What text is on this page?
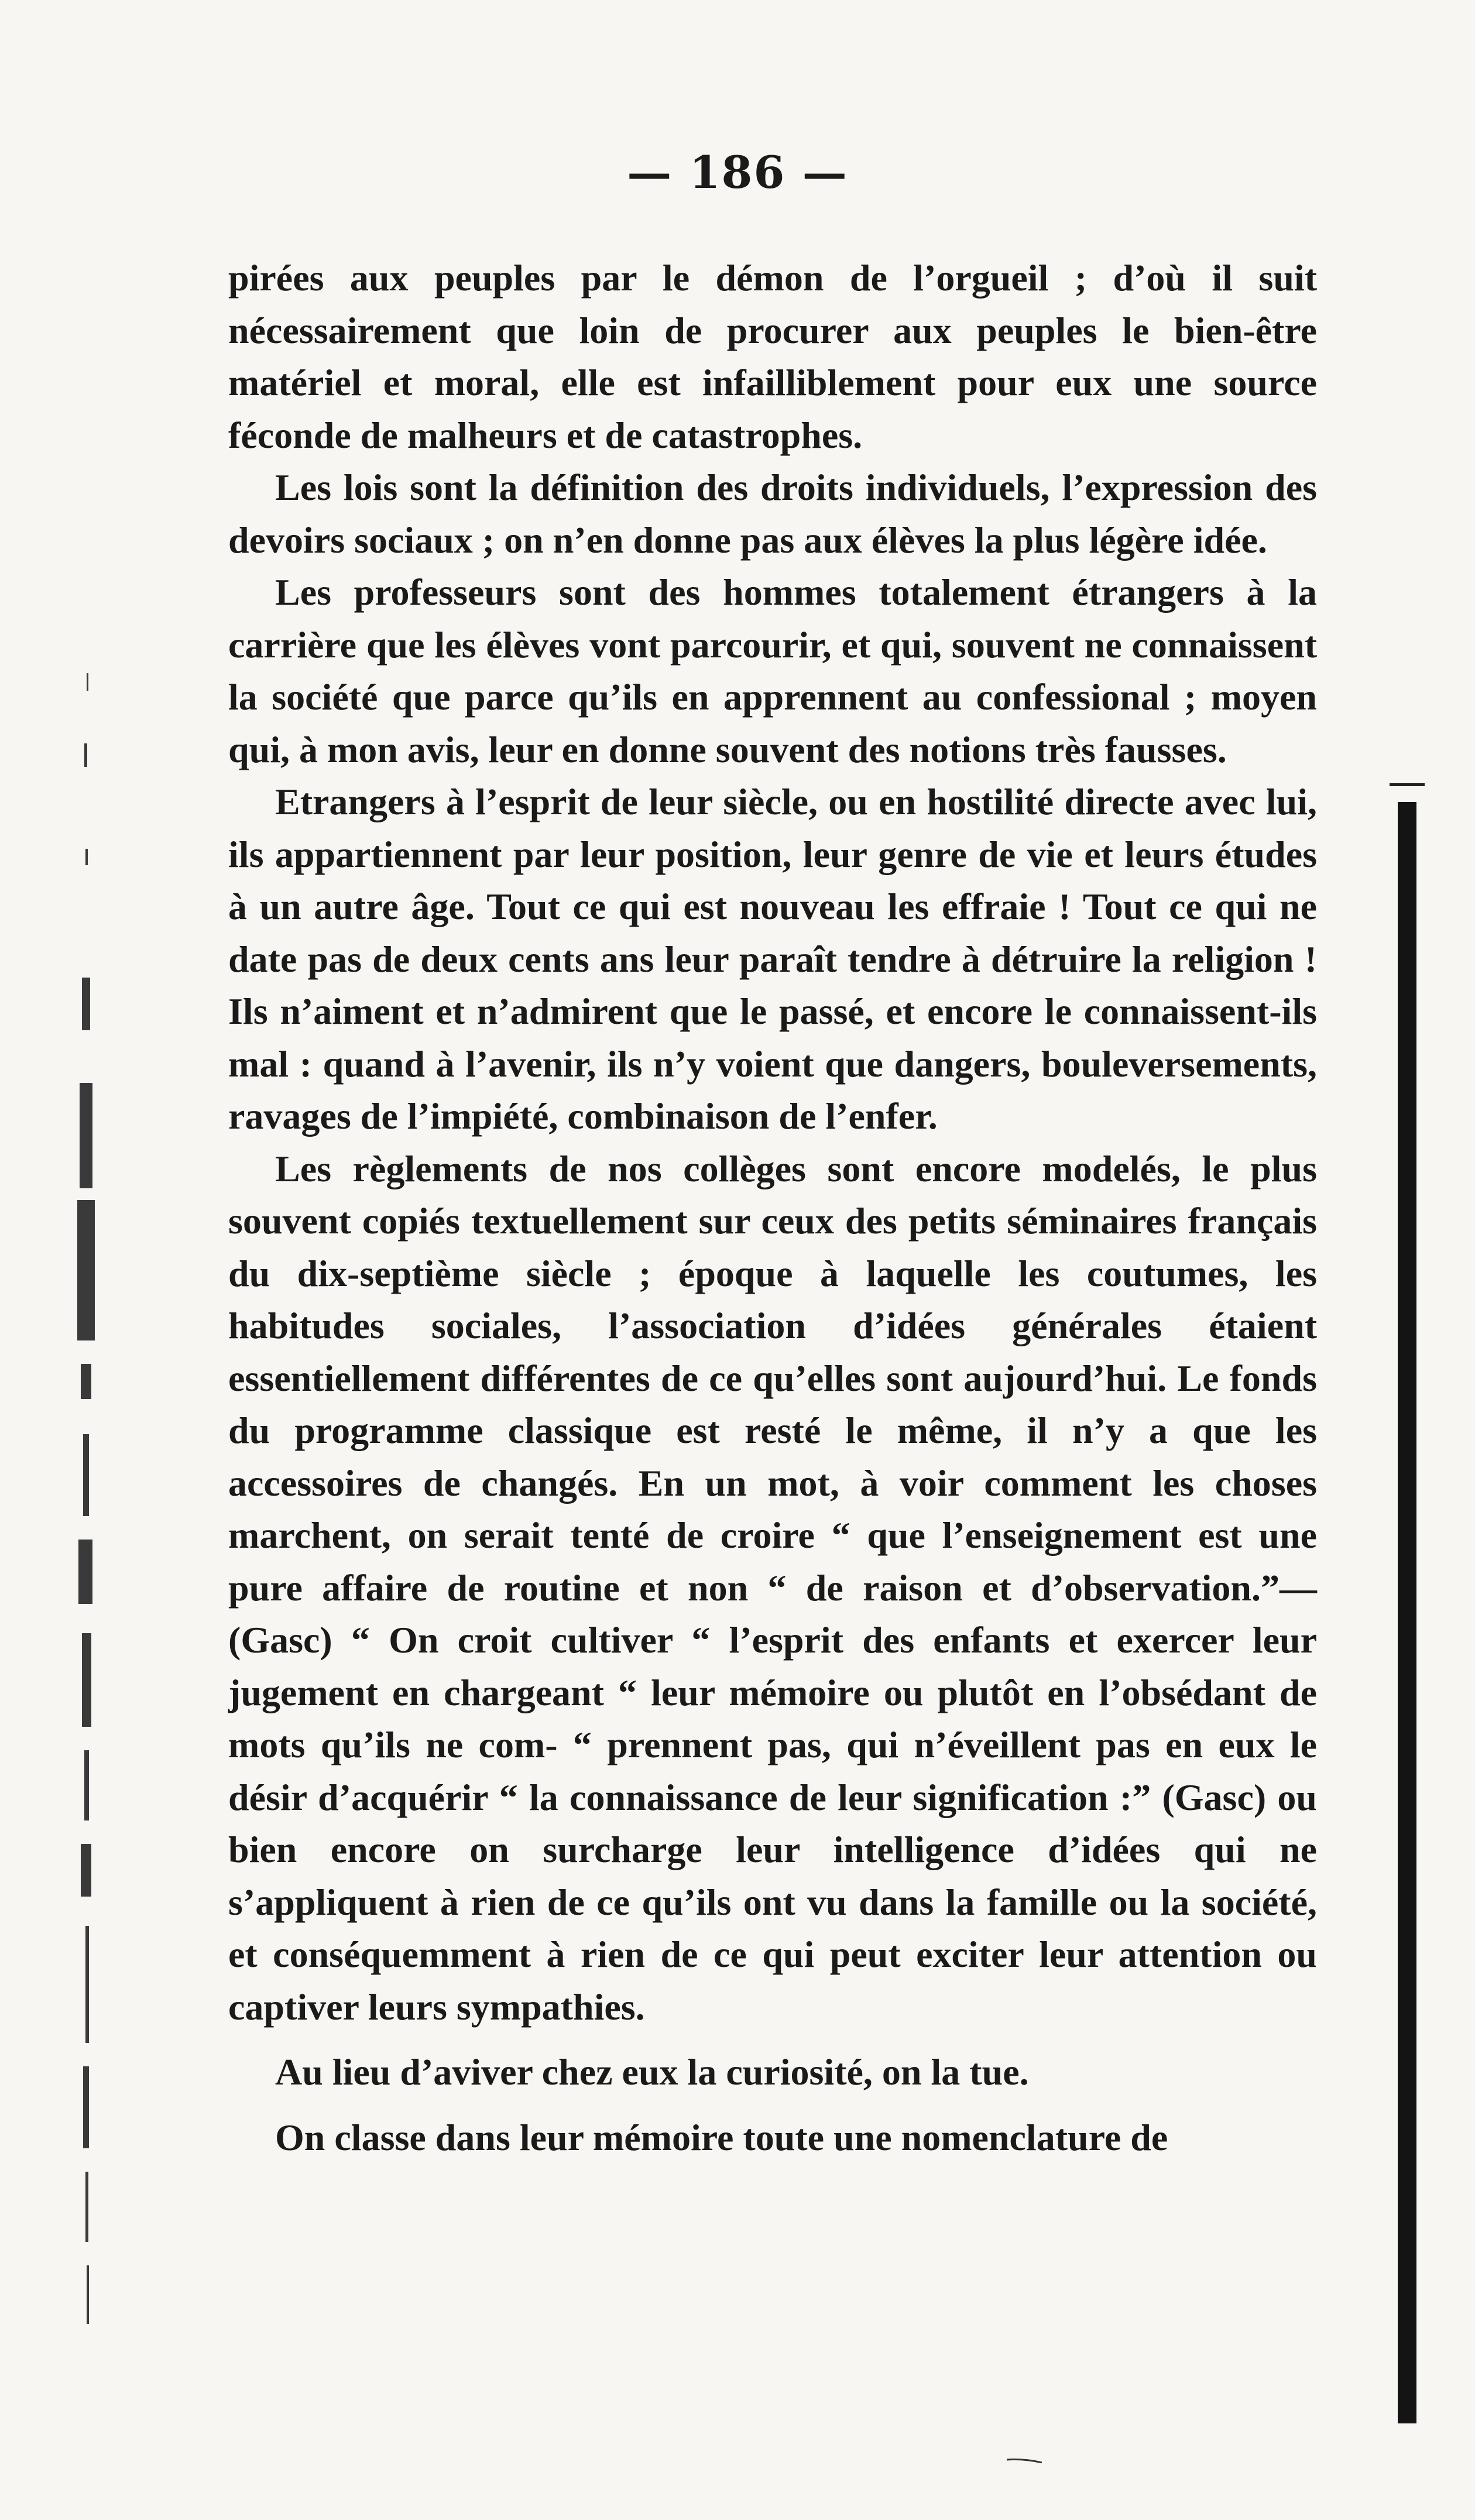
— 186 —

pirées aux peuples par le démon de l’orgueil ; d’où il suit nécessairement que loin de procurer aux peuples le bien-être matériel et moral, elle est infailliblement pour eux une source féconde de malheurs et de catastrophes.

Les lois sont la définition des droits individuels, l’expression des devoirs sociaux ; on n’en donne pas aux élèves la plus légère idée.

Les professeurs sont des hommes totalement étrangers à la carrière que les élèves vont parcourir, et qui, souvent ne connaissent la société que parce qu’ils en apprennent au confessional ; moyen qui, à mon avis, leur en donne souvent des notions très fausses.

Etrangers à l’esprit de leur siècle, ou en hostilité directe avec lui, ils appartiennent par leur position, leur genre de vie et leurs études à un autre âge. Tout ce qui est nouveau les effraie ! Tout ce qui ne date pas de deux cents ans leur paraît tendre à détruire la religion ! Ils n’aiment et n’admirent que le passé, et encore le connaissent-ils mal : quand à l’avenir, ils n’y voient que dangers, bouleversements, ravages de l’impiété, combinaison de l’enfer.

Les règlements de nos collèges sont encore modelés, le plus souvent copiés textuellement sur ceux des petits séminaires français du dix-septième siècle ; époque à laquelle les coutumes, les habitudes sociales, l’association d’idées générales étaient essentiellement différentes de ce qu’elles sont aujourd’hui. Le fonds du programme classique est resté le même, il n’y a que les accessoires de changés. En un mot, à voir comment les choses marchent, on serait tenté de croire “ que l’enseignement est une pure affaire de routine et non “ de raison et d’observation.”—(Gasc) “ On croit cultiver “ l’esprit des enfants et exercer leur jugement en chargeant “ leur mémoire ou plutôt en l’obsédant de mots qu’ils ne com- “ prennent pas, qui n’éveillent pas en eux le désir d’acquérir “ la connaissance de leur signification :” (Gasc) ou bien encore on surcharge leur intelligence d’idées qui ne s’appliquent à rien de ce qu’ils ont vu dans la famille ou la société, et conséquemment à rien de ce qui peut exciter leur attention ou captiver leurs sympathies.

Au lieu d’aviver chez eux la curiosité, on la tue.

On classe dans leur mémoire toute une nomenclature de
